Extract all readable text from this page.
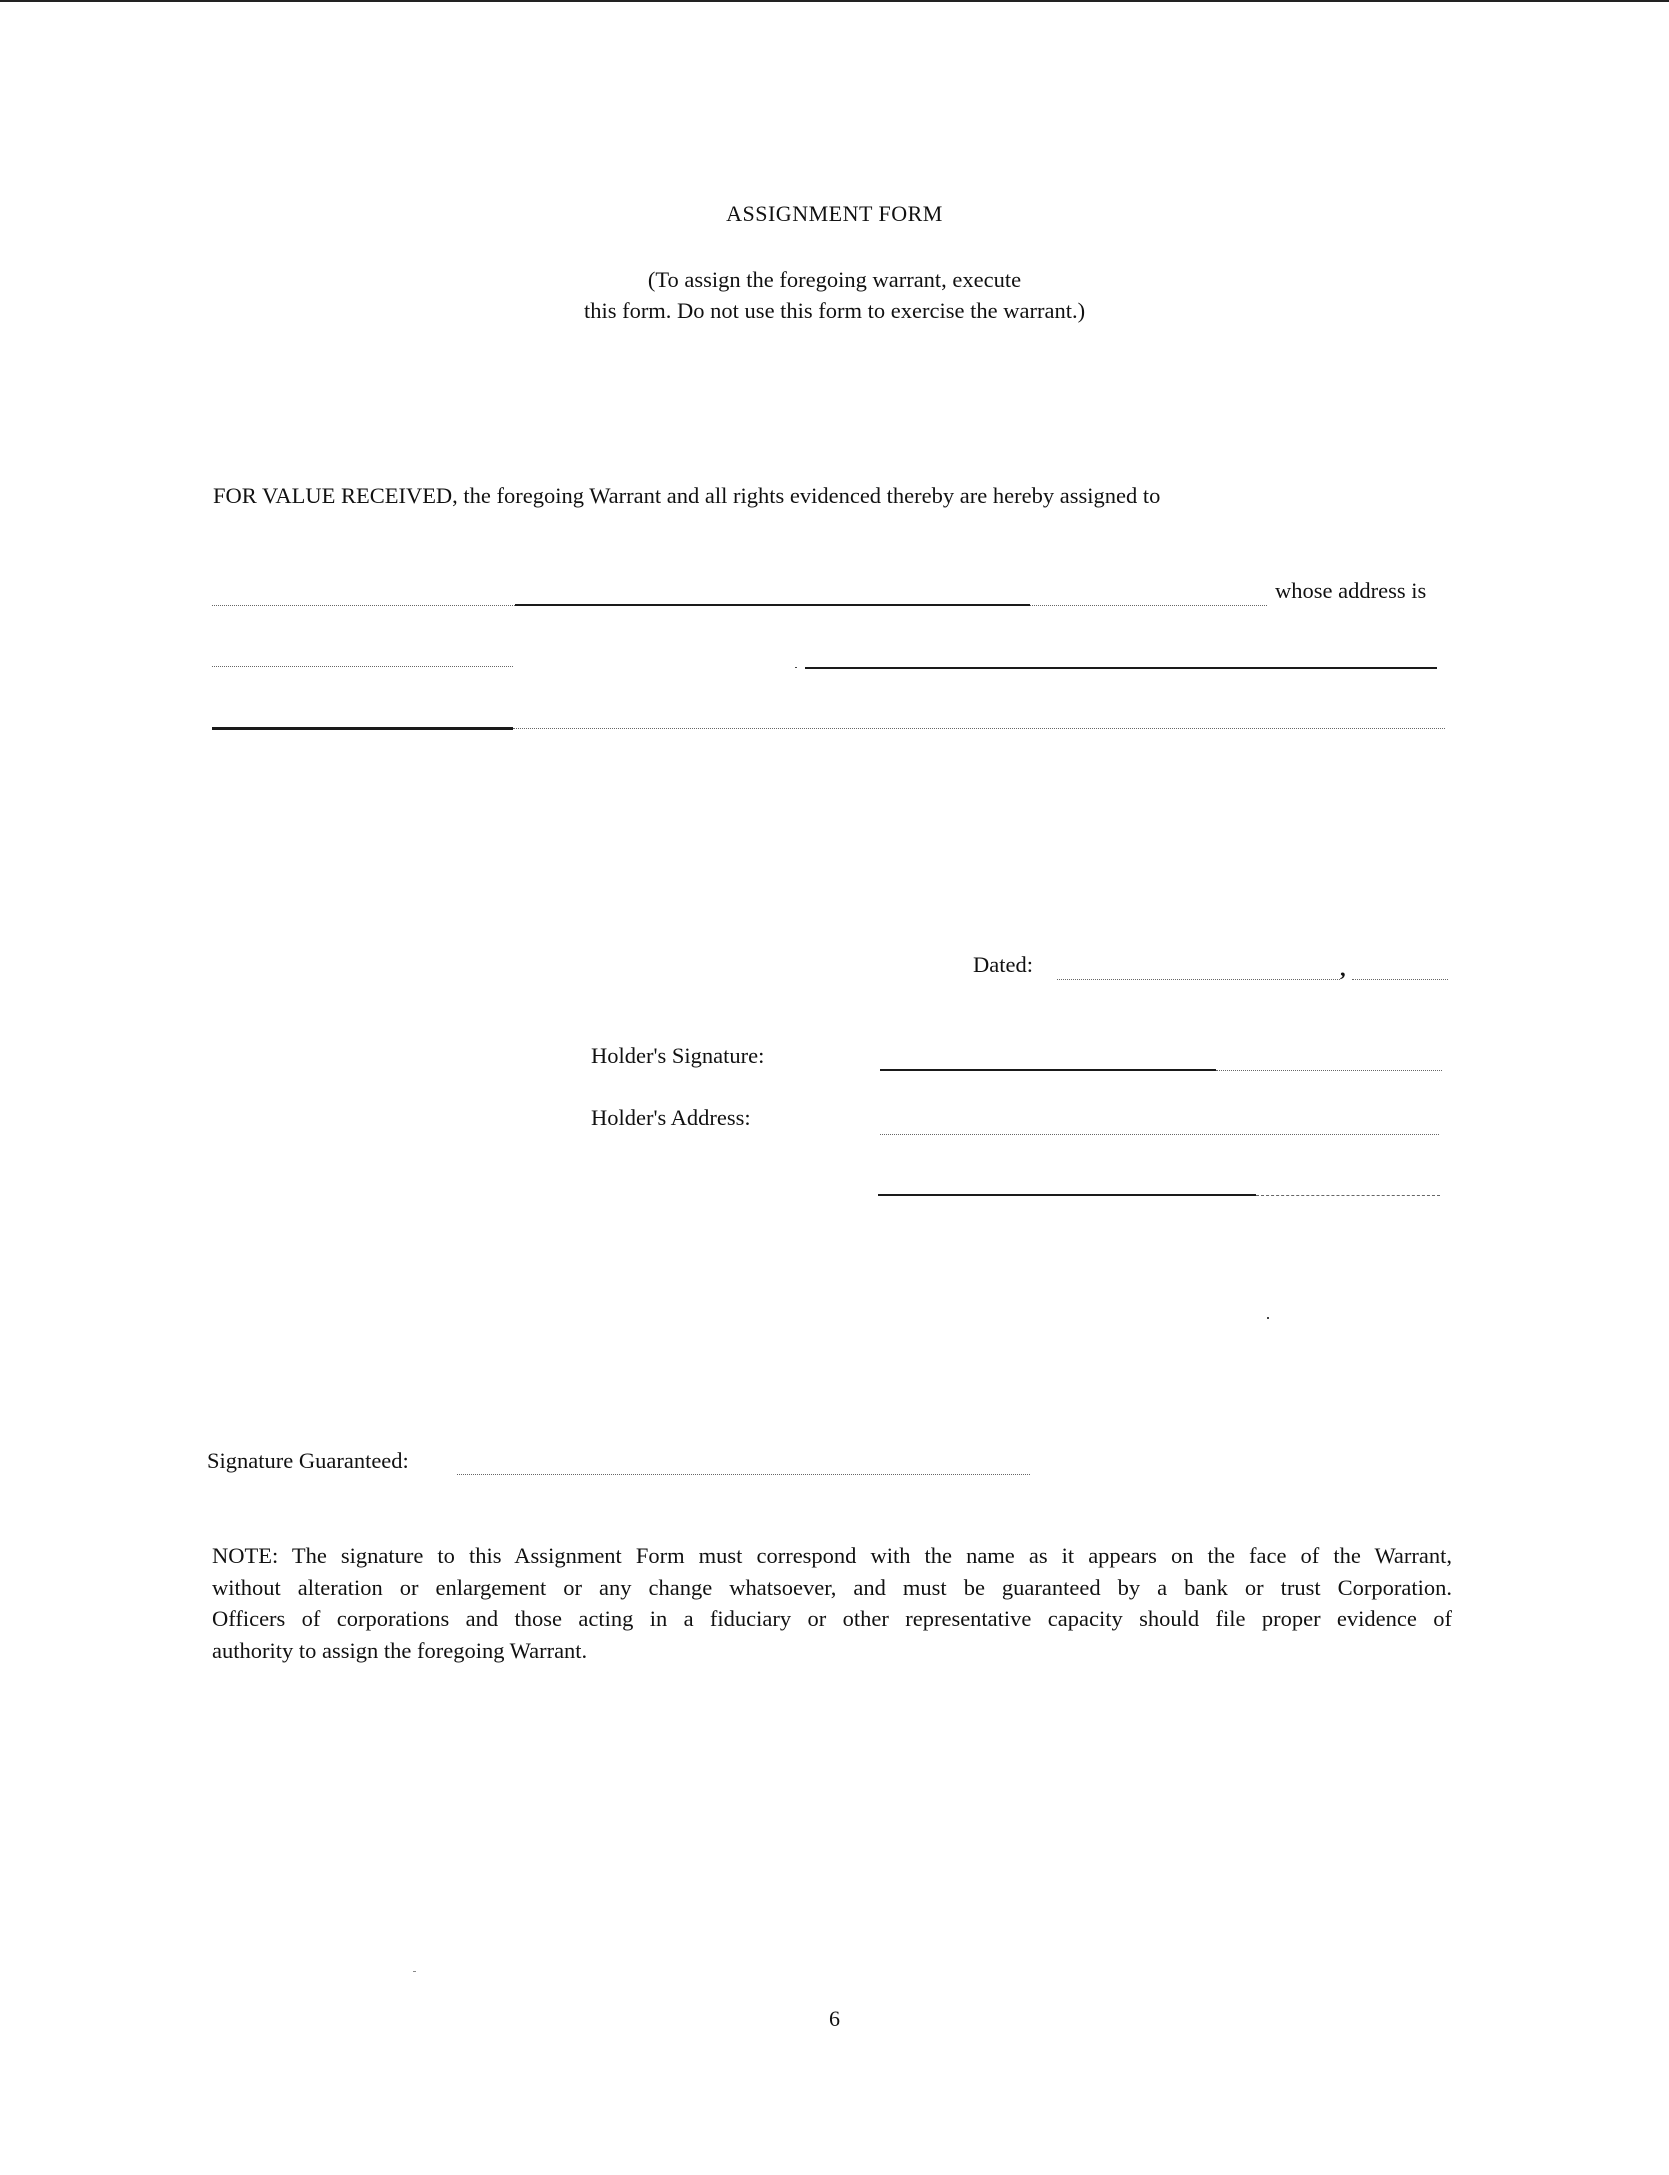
ASSIGNMENT FORM
(To assign the foregoing warrant, execute
this form. Do not use this form to exercise the warrant.)
FOR VALUE RECEIVED, the foregoing Warrant and all rights evidenced thereby are hereby assigned to
whose address is
Dated:	,
Holder's Signature:
Holder's Address:
Signature Guaranteed:
NOTE: The signature to this Assignment Form must correspond with the name as it appears on the face of the Warrant,
without alteration or enlargement or any change whatsoever, and must be guaranteed by a bank or trust Corporation.
Officers of corporations and those acting in a fiduciary or other representative capacity should file proper evidence of
authority to assign the foregoing Warrant.
6
